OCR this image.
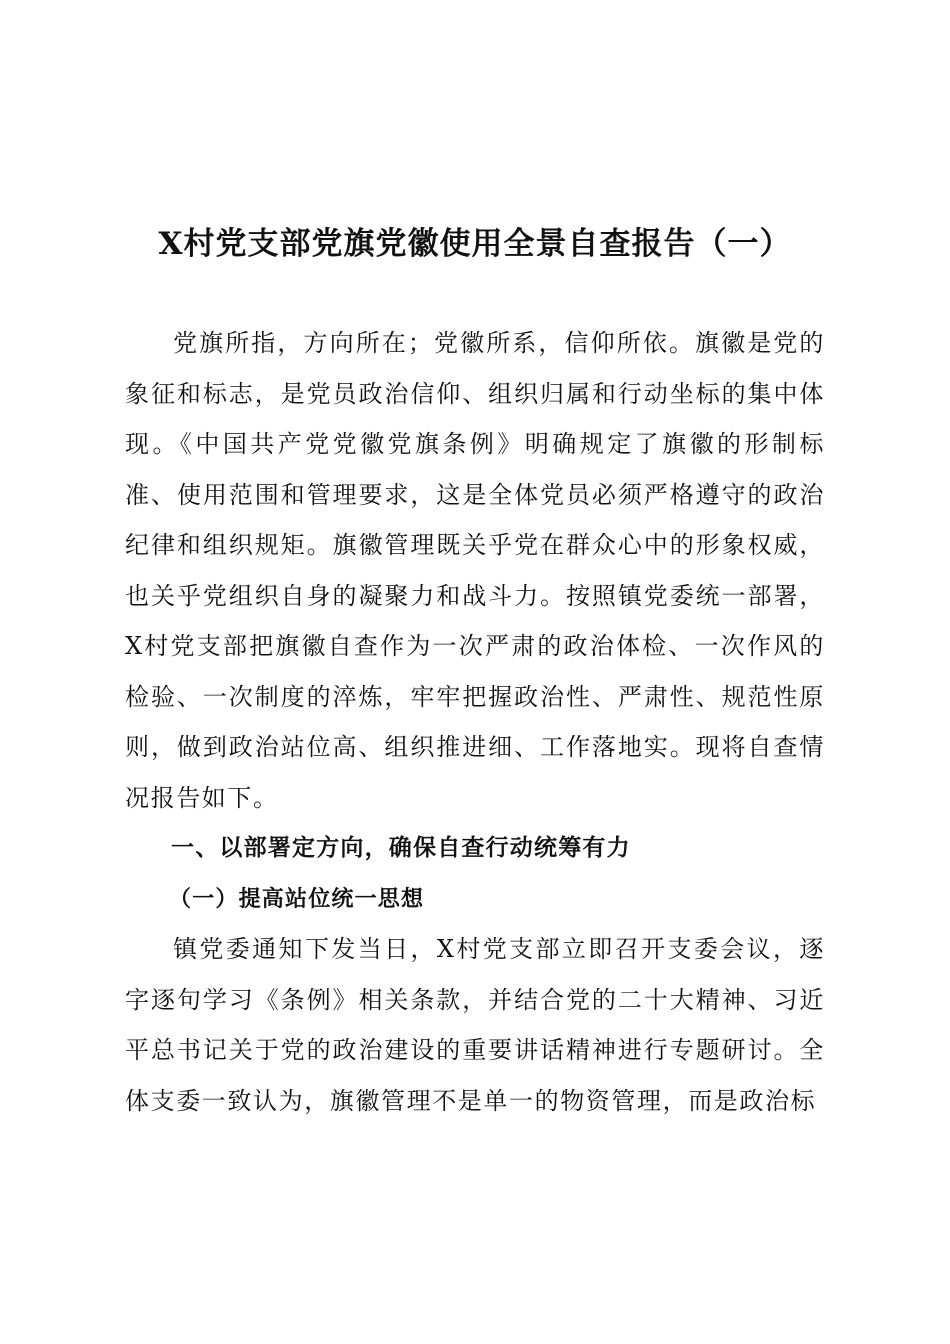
X村党支部党旗党徽使用全景自查报告（一）

党旗所指，方向所在；党徽所系，信仰所依。旗徽是党的象征和标志，是党员政治信仰、组织归属和行动坐标的集中体现。《中国共产党党徽党旗条例》明确规定了旗徽的形制标准、使用范围和管理要求，这是全体党员必须严格遵守的政治纪律和组织规矩。旗徽管理既关乎党在群众心中的形象权威，也关乎党组织自身的凝聚力和战斗力。按照镇党委统一部署，X村党支部把旗徽自查作为一次严肃的政治体检、一次作风的检验、一次制度的淬炼，牢牢把握政治性、严肃性、规范性原则，做到政治站位高、组织推进细、工作落地实。现将自查情况报告如下。

一、以部署定方向，确保自查行动统筹有力

（一）提高站位统一思想

镇党委通知下发当日，X村党支部立即召开支委会议，逐字逐句学习《条例》相关条款，并结合党的二十大精神、习近平总书记关于党的政治建设的重要讲话精神进行专题研讨。全体支委一致认为，旗徽管理不是单一的物资管理，而是政治标
